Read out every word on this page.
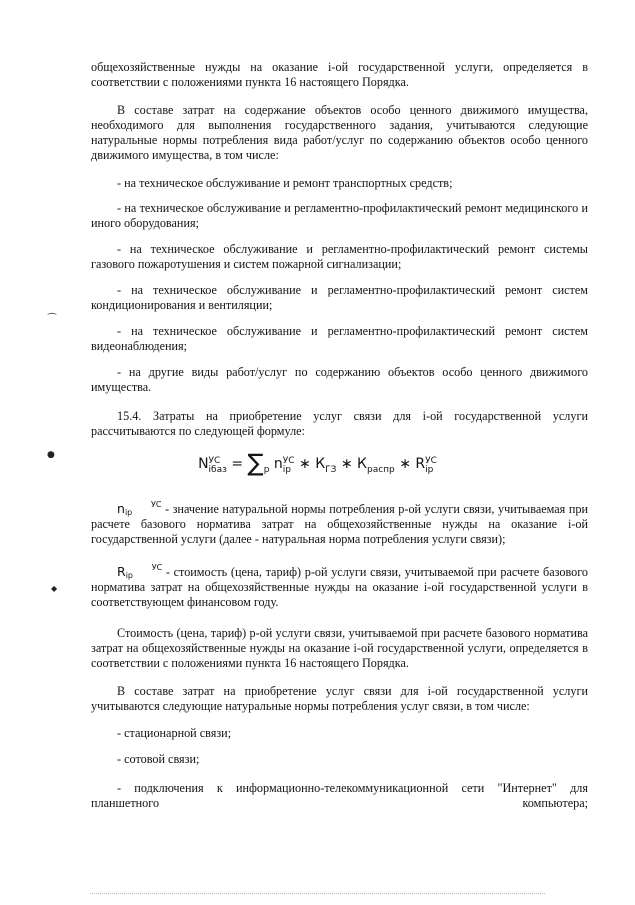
общехозяйственные нужды на оказание i-ой государственной услуги, определяется в соответствии с положениями пункта 16 настоящего Порядка.

В составе затрат на содержание объектов особо ценного движимого имущества, необходимого для выполнения государственного задания, учитываются следующие натуральные нормы потребления вида работ/услуг по содержанию объектов особо ценного движимого имущества, в том числе:

- на техническое обслуживание и ремонт транспортных средств;

- на техническое обслуживание и регламентно-профилактический ремонт медицинского и иного оборудования;

- на техническое обслуживание и регламентно-профилактический ремонт системы газового пожаротушения и систем пожарной сигнализации;

- на техническое обслуживание и регламентно-профилактический ремонт систем кондиционирования и вентиляции;

- на техническое обслуживание и регламентно-профилактический ремонт систем видеонаблюдения;

- на другие виды работ/услуг по содержанию объектов особо ценного движимого имущества.

15.4. Затраты на приобретение услуг связи для i-ой государственной услуги рассчитываются по следующей формуле:

NУС
iбаз = $\sum_p$ nУС
ip ∗ $К_{ГЗ}$ ∗ $К_{распр}$ ∗ RУС
ip

n	УС
ip - значение натуральной нормы потребления p-ой услуги связи, учитываемая при расчете базового норматива затрат на общехозяйственные нужды на оказание i-ой государственной услуги (далее - натуральная норма потребления услуги связи);

R	УС
ip - стоимость (цена, тариф) p-ой услуги связи, учитываемой при расчете базового норматива затрат на общехозяйственные нужды на оказание i-ой государственной услуги в соответствующем финансовом году.

Стоимость (цена, тариф) p-ой услуги связи, учитываемой при расчете базового норматива затрат на общехозяйственные нужды на оказание i-ой государственной услуги, определяется в соответствии с положениями пункта 16 настоящего Порядка.

В составе затрат на приобретение услуг связи для i-ой государственной услуги учитываются следующие натуральные нормы потребления услуг связи, в том числе:

- стационарной связи;

- сотовой связи;

- подключения к информационно-телекоммуникационной сети "Интернет" для планшетного компьютера;

⁀
●
◆
